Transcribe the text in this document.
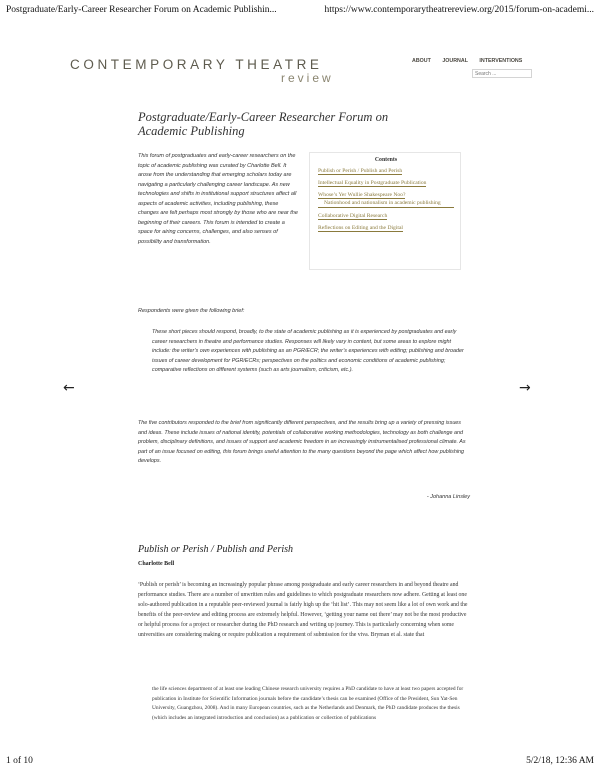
Postgraduate/Early-Career Researcher Forum on Academic Publishin...	https://www.contemporarytheatrereview.org/2015/forum-on-academi...
CONTEMPORARY THEATRE
review
ABOUT JOURNAL INTERVENTIONS
Search ...
Postgraduate/Early-Career Researcher Forum on Academic Publishing
This forum of postgraduates and early-career researchers on the topic of academic publishing was curated by Charlotte Bell. It arose from the understanding that emerging scholars today are navigating a particularly challenging career landscape. As new technologies and shifts in institutional support structures affect all aspects of academic activities, including publishing, these changes are felt perhaps most strongly by those who are near the beginning of their careers. This forum is intended to create a space for airing concerns, challenges, and also senses of possibility and transformation.
Contents
Publish or Perish / Publish and Perish
Intellectual Equality in Postgraduate Publication
Whose’s Yer Wullie Shakespeare Noo?
Nationhood and nationalism in academic publishing
Collaborative Digital Research
Reflections on Editing and the Digital
Respondents were given the following brief:
These short pieces should respond, broadly, to the state of academic publishing as it is experienced by postgraduates and early career researchers in theatre and performance studies. Responses will likely vary in content, but some areas to explore might include: the writer’s own experiences with publishing as an PGR/ECR; the writer’s experiences with editing; publishing and broader issues of career development for PGR/ECRs; perspectives on the politics and economic conditions of academic publishing; comparative reflections on different systems (such as arts journalism, criticism, etc.).
The five contributors responded to the brief from significantly different perspectives, and the results bring up a variety of pressing issues and ideas. These include issues of national identity, potentials of collaborative working methodologies, technology as both challenge and problem, disciplinary definitions, and issues of support and academic freedom in an increasingly instrumentalised professional climate. As part of an issue focused on editing, this forum brings useful attention to the many questions beyond the page which affect how publishing develops.
- Johanna Linsley
←	→
Publish or Perish / Publish and Perish
Charlotte Bell
‘Publish or perish’ is becoming an increasingly popular phrase among postgraduate and early career researchers in and beyond theatre and performance studies. There are a number of unwritten rules and guidelines to which postgraduate researchers now adhere. Getting at least one solo-authored publication in a reputable peer-reviewed journal is fairly high up the ‘hit list’. This may not seem like a lot of own work and the benefits of the peer-review and editing process are extremely helpful. However, ‘getting your name out there’ may not be the most productive or helpful process for a project or researcher during the PhD research and writing up journey. This is particularly concerning when some universities are considering making or require publication a requirement of submission for the viva. Bryman et al. state that
the life sciences department of at least one leading Chinese research university requires a PhD candidate to have at least two papers accepted for publication in Institute for Scientific Information journals before the candidate’s thesis can be examined (Office of the President, Sun Yat-Sen University, Guangzhou, 2008). And in many European countries, such as the Netherlands and Denmark, the PhD candidate produces the thesis (which includes an integrated introduction and conclusion) as a publication or collection of publications
1 of 10	5/2/18, 12:36 AM
